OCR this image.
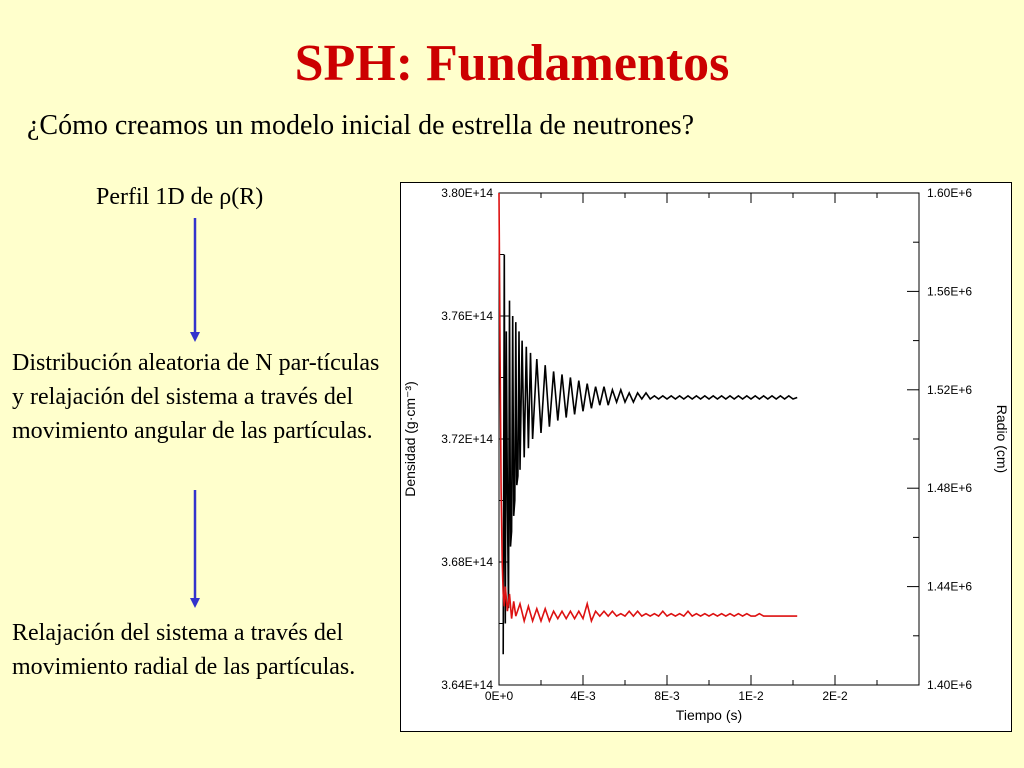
SPH: Fundamentos
¿Cómo creamos un modelo inicial de estrella de neutrones?
Perfil 1D de ρ(R)
Distribución aleatoria de N par-tículas y relajación del sistema a través del movimiento angular de las partículas.
Relajación del sistema a través del movimiento radial de las partículas.
0E+0	4E-3	8E-3	1E-2	2E-2
3.64E+14
3.68E+14
3.72E+14
3.76E+14
3.80E+14
1.40E+6
1.44E+6
1.48E+6
1.52E+6
1.56E+6
1.60E+6
Tiempo (s)
Densidad (g·cm⁻³)	Radio (cm)
